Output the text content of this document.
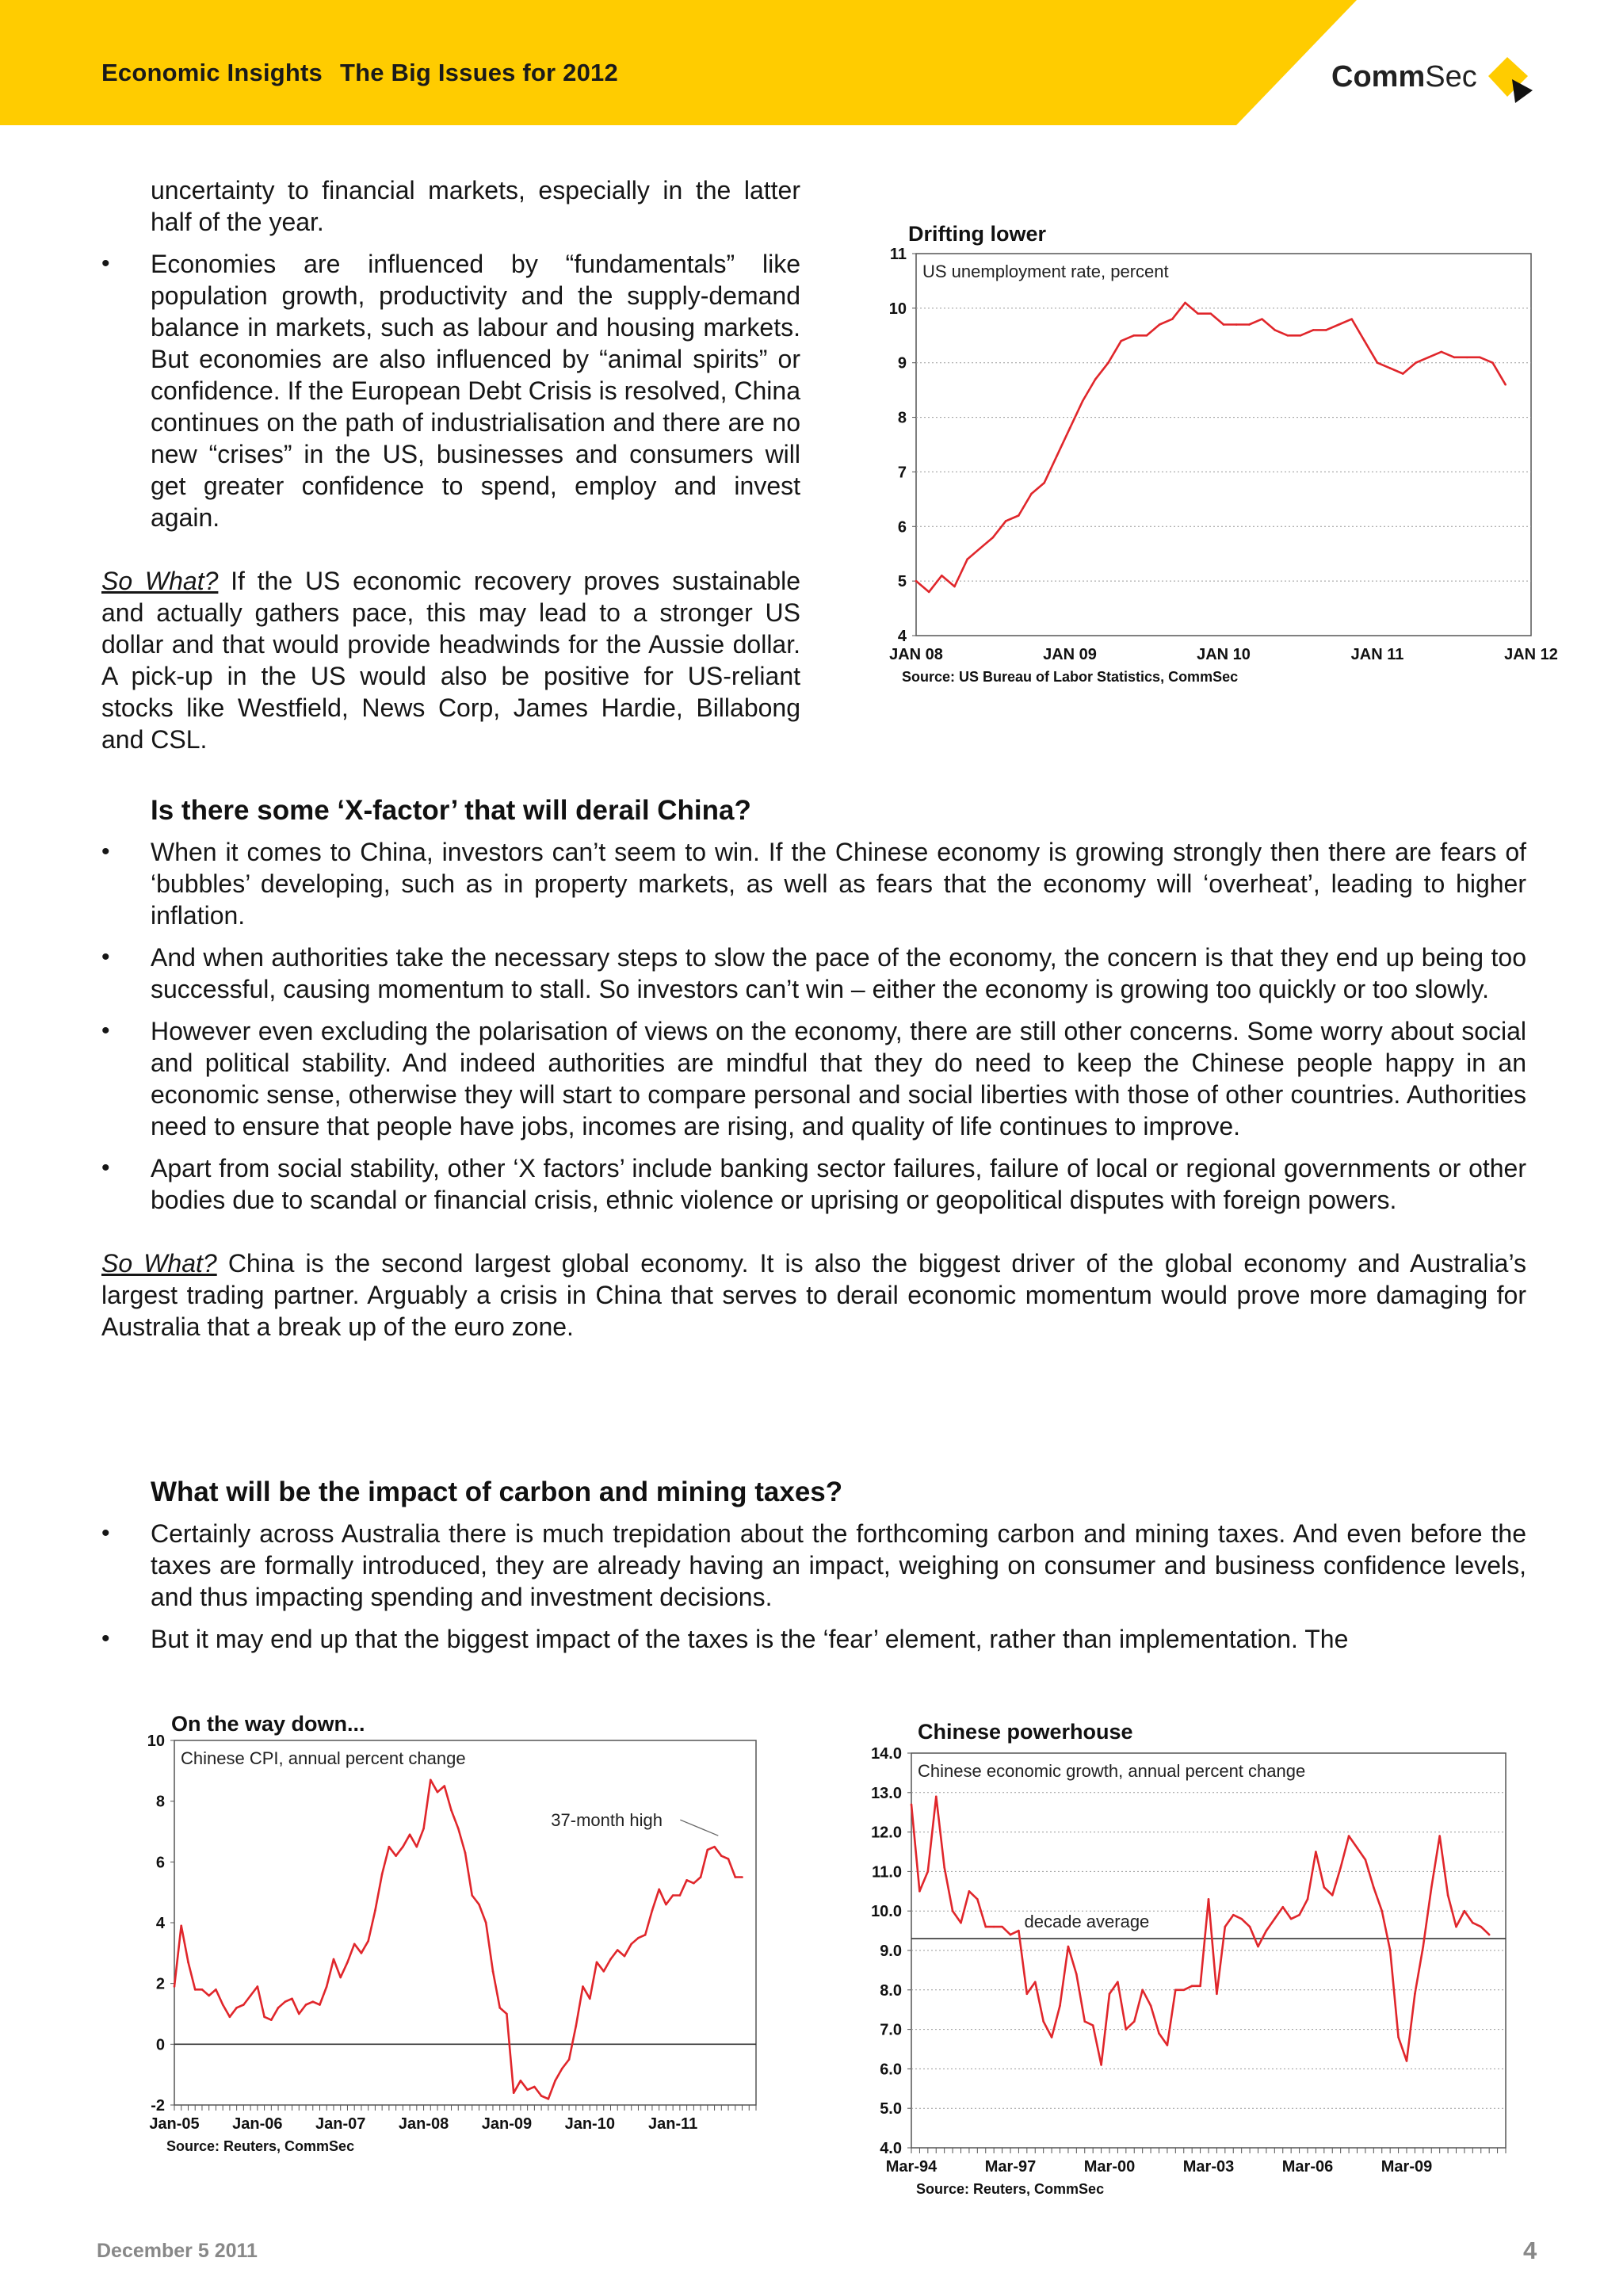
Economic Insights The Big Issues for 2012	CommSec

uncertainty to financial markets, especially in the latter half of the year.

• Economies are influenced by “fundamentals” like population growth, productivity and the supply-demand balance in markets, such as labour and housing markets. But economies are also influenced by “animal spirits” or confidence. If the European Debt Crisis is resolved, China continues on the path of industrialisation and there are no new “crises” in the US, businesses and consumers will get greater confidence to spend, employ and invest again.

So What? If the US economic recovery proves sustainable and actually gathers pace, this may lead to a stronger US dollar and that would provide headwinds for the Aussie dollar. A pick-up in the US would also be positive for US-reliant stocks like Westfield, News Corp, James Hardie, Billabong and CSL.

Drifting lower
US unemployment rate, percent
4
5
6
7
8
9
10
11
JAN 08	JAN 09	JAN 10	JAN 11	JAN 12
Source: US Bureau of Labor Statistics, CommSec
Is there some ‘X-factor’ that will derail China?
• When it comes to China, investors can’t seem to win. If the Chinese economy is growing strongly then there are fears of ‘bubbles’ developing, such as in property markets, as well as fears that the economy will ‘overheat’, leading to higher inflation.
• And when authorities take the necessary steps to slow the pace of the economy, the concern is that they end up being too successful, causing momentum to stall. So investors can’t win – either the economy is growing too quickly or too slowly.
• However even excluding the polarisation of views on the economy, there are still other concerns. Some worry about social and political stability. And indeed authorities are mindful that they do need to keep the Chinese people happy in an economic sense, otherwise they will start to compare personal and social liberties with those of other countries. Authorities need to ensure that people have jobs, incomes are rising, and quality of life continues to improve.
• Apart from social stability, other ‘X factors’ include banking sector failures, failure of local or regional governments or other bodies due to scandal or financial crisis, ethnic violence or uprising or geopolitical disputes with foreign powers.

So What? China is the second largest global economy. It is also the biggest driver of the global economy and Australia’s largest trading partner. Arguably a crisis in China that serves to derail economic momentum would prove more damaging for Australia that a break up of the euro zone.

What will be the impact of carbon and mining taxes?
• Certainly across Australia there is much trepidation about the forthcoming carbon and mining taxes. And even before the taxes are formally introduced, they are already having an impact, weighing on consumer and business confidence levels, and thus impacting spending and investment decisions.
• But it may end up that the biggest impact of the taxes is the ‘fear’ element, rather than implementation. The
On the way down...
Chinese CPI, annual percent change
-2
0
2
4
6
8
10
Jan-05 Jan-06 Jan-07 Jan-08 Jan-09 Jan-10 Jan-11
37-month high
Source: Reuters, CommSec
Chinese powerhouse
Chinese economic growth, annual percent change
4.0
5.0
6.0
7.0
8.0
9.0
10.0
11.0
12.0
13.0
14.0
Mar-94	Mar-97	Mar-00	Mar-03	Mar-06	Mar-09
decade average
Source: Reuters, CommSec
December 5 2011	4
